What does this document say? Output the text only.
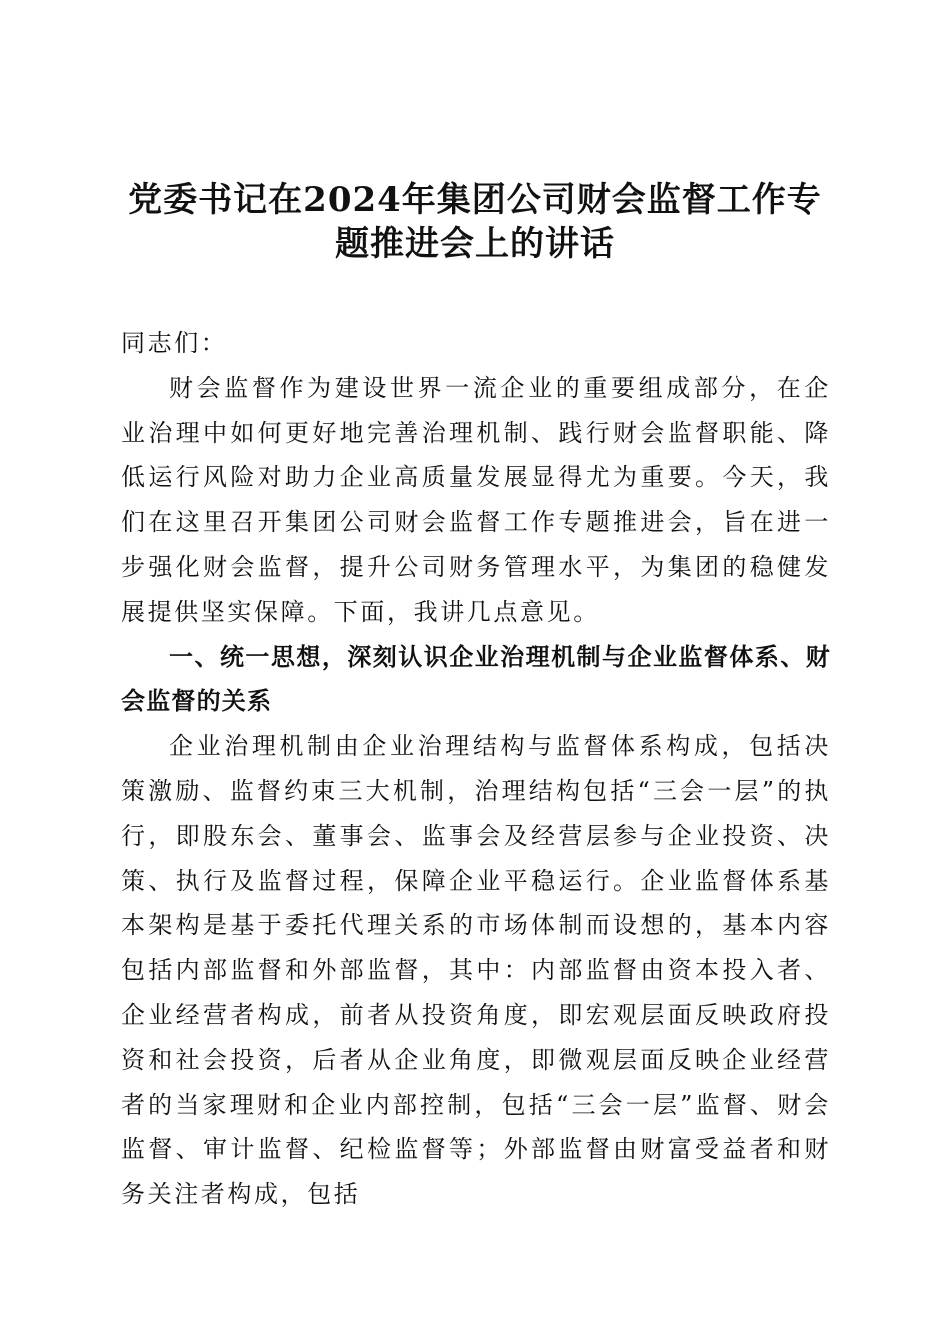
党委书记在2024年集团公司财会监督工作专题推进会上的讲话

同志们：

财会监督作为建设世界一流企业的重要组成部分，在企业治理中如何更好地完善治理机制、践行财会监督职能、降低运行风险对助力企业高质量发展显得尤为重要。今天，我们在这里召开集团公司财会监督工作专题推进会，旨在进一步强化财会监督，提升公司财务管理水平，为集团的稳健发展提供坚实保障。下面，我讲几点意见。

一、统一思想，深刻认识企业治理机制与企业监督体系、财会监督的关系

企业治理机制由企业治理结构与监督体系构成，包括决策激励、监督约束三大机制，治理结构包括“三会一层”的执行，即股东会、董事会、监事会及经营层参与企业投资、决策、执行及监督过程，保障企业平稳运行。企业监督体系基本架构是基于委托代理关系的市场体制而设想的，基本内容包括内部监督和外部监督，其中：内部监督由资本投入者、企业经营者构成，前者从投资角度，即宏观层面反映政府投资和社会投资，后者从企业角度，即微观层面反映企业经营者的当家理财和企业内部控制，包括“三会一层”监督、财会监督、审计监督、纪检监督等；外部监督由财富受益者和财务关注者构成，包括
